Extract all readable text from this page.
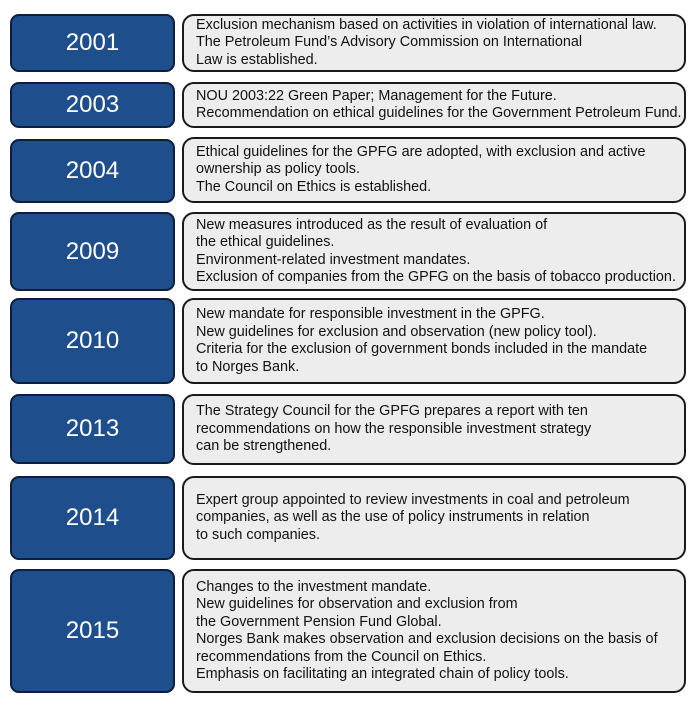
2001
Exclusion mechanism based on activities in violation of international law.
The Petroleum Fund’s Advisory Commission on International
Law is established.
2003	NOU 2003:22 Green Paper; Management for the Future.
Recommendation on ethical guidelines for the Government Petroleum Fund.
2004
Ethical guidelines for the GPFG are adopted, with exclusion and active
ownership as policy tools.
The Council on Ethics is established.
2009
New measures introduced as the result of evaluation of
the ethical guidelines.
Environment-related investment mandates.
Exclusion of companies from the GPFG on the basis of tobacco production.
2010
New mandate for responsible investment in the GPFG.
New guidelines for exclusion and observation (new policy tool).
Criteria for the exclusion of government bonds included in the mandate
to Norges Bank.
2013
The Strategy Council for the GPFG prepares a report with ten
recommendations on how the responsible investment strategy
can be strengthened.
2014
Expert group appointed to review investments in coal and petroleum
companies, as well as the use of policy instruments in relation
to such companies.
2015
Changes to the investment mandate.
New guidelines for observation and exclusion from
the Government Pension Fund Global.
Norges Bank makes observation and exclusion decisions on the basis of
recommendations from the Council on Ethics.
Emphasis on facilitating an integrated chain of policy tools.
